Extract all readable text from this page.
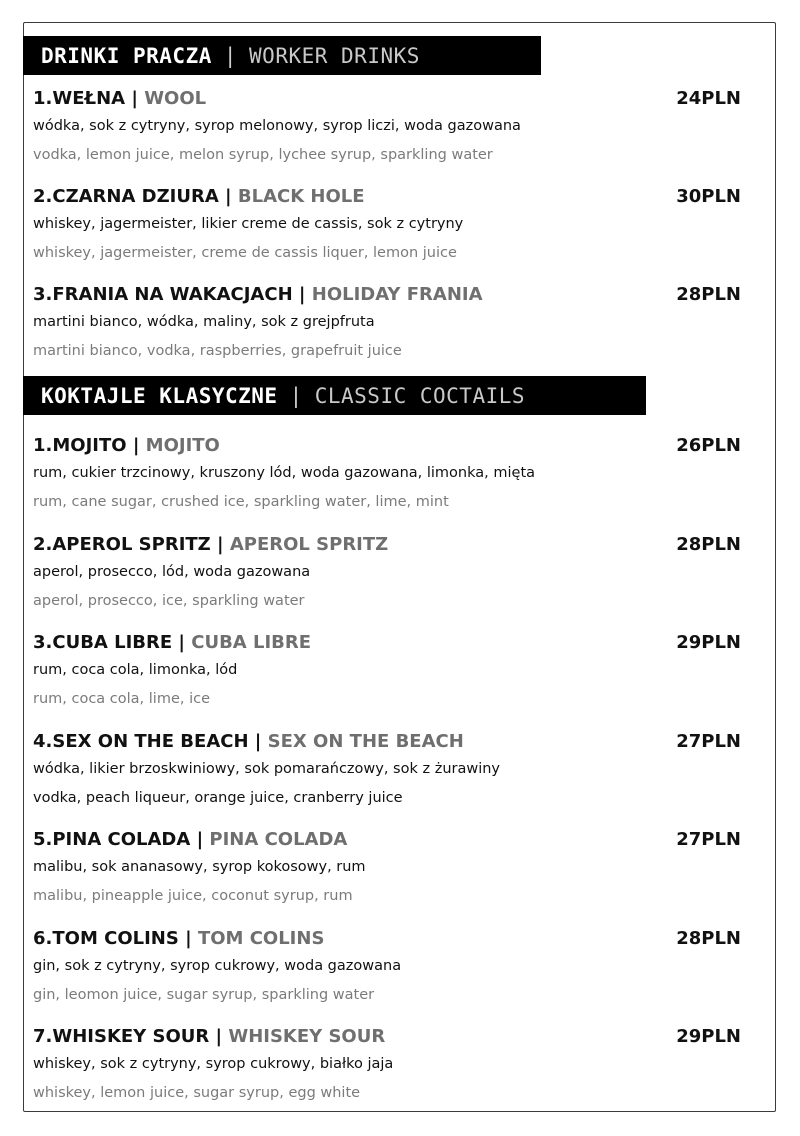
DRINKI PRACZA | WORKER DRINKS
1.WEŁNA | WOOL	24PLN
wódka, sok z cytryny, syrop melonowy, syrop liczi, woda gazowana
vodka, lemon juice, melon syrup, lychee syrup, sparkling water
2.CZARNA DZIURA | BLACK HOLE	30PLN
whiskey, jagermeister, likier creme de cassis, sok z cytryny
whiskey, jagermeister, creme de cassis liquer, lemon juice
3.FRANIA NA WAKACJACH | HOLIDAY FRANIA	28PLN
martini bianco, wódka, maliny, sok z grejpfruta
martini bianco, vodka, raspberries, grapefruit juice
KOKTAJLE KLASYCZNE | CLASSIC COCTAILS
1.MOJITO | MOJITO	26PLN
rum, cukier trzcinowy, kruszony lód, woda gazowana, limonka, mięta
rum, cane sugar, crushed ice, sparkling water, lime, mint
2.APEROL SPRITZ | APEROL SPRITZ	28PLN
aperol, prosecco, lód, woda gazowana
aperol, prosecco, ice, sparkling water
3.CUBA LIBRE | CUBA LIBRE	29PLN
rum, coca cola, limonka, lód
rum, coca cola, lime, ice
4.SEX ON THE BEACH | SEX ON THE BEACH	27PLN
wódka, likier brzoskwiniowy, sok pomarańczowy, sok z żurawiny
vodka, peach liqueur, orange juice, cranberry juice
5.PINA COLADA | PINA COLADA	27PLN
malibu, sok ananasowy, syrop kokosowy, rum
malibu, pineapple juice, coconut syrup, rum
6.TOM COLINS | TOM COLINS	28PLN
gin, sok z cytryny, syrop cukrowy, woda gazowana
gin, leomon juice, sugar syrup, sparkling water
7.WHISKEY SOUR | WHISKEY SOUR	29PLN
whiskey, sok z cytryny, syrop cukrowy, białko jaja
whiskey, lemon juice, sugar syrup, egg white
